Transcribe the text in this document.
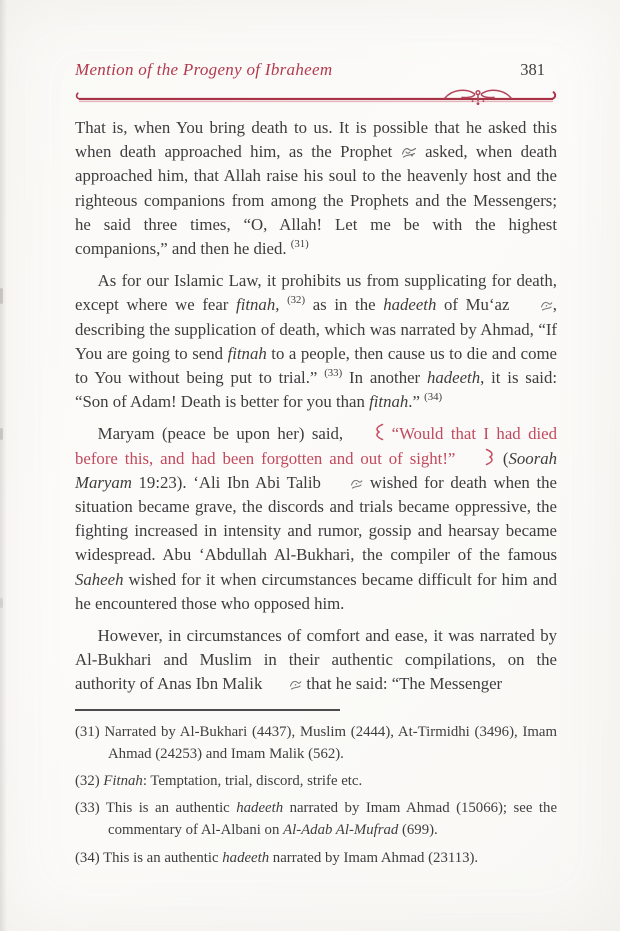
Mention of the Progeny of Ibraheem	381

That is, when You bring death to us. It is possible that he asked this when death approached him, as the Prophet  asked, when death approached him, that Allah raise his soul to the heavenly host and the righteous companions from among the Prophets and the Messengers; he said three times, “O, Allah! Let me be with the highest companions,” and then he died. $^{(31)}$

As for our Islamic Law, it prohibits us from supplicating for death, except where we fear fitnah, $^{(32)}$ as in the hadeeth of Mu‘az , describing the supplication of death, which was narrated by Ahmad, “If You are going to send fitnah to a people, then cause us to die and come to You without being put to trial.” $^{(33)}$ In another hadeeth, it is said: “Son of Adam! Death is better for you than fitnah.” $^{(34)}$

Maryam (peace be upon her) said,  “Would that I had died before this, and had been forgotten and out of sight!”  (Soorah Maryam 19:23). ‘Ali Ibn Abi Talib  wished for death when the situation became grave, the discords and trials became oppressive, the fighting increased in intensity and rumor, gossip and hearsay became widespread. Abu ‘Abdullah Al-Bukhari, the compiler of the famous Saheeh wished for it when circumstances became difficult for him and he encountered those who opposed him.

However, in circumstances of comfort and ease, it was narrated by Al-Bukhari and Muslim in their authentic compilations, on the authority of Anas Ibn Malik  that he said: “The Messenger

(31) Narrated by Al-Bukhari (4437), Muslim (2444), At-Tirmidhi (3496), Imam Ahmad (24253) and Imam Malik (562).
(32) Fitnah: Temptation, trial, discord, strife etc.
(33) This is an authentic hadeeth narrated by Imam Ahmad (15066); see the commentary of Al-Albani on Al-Adab Al-Mufrad (699).
(34) This is an authentic hadeeth narrated by Imam Ahmad (23113).
